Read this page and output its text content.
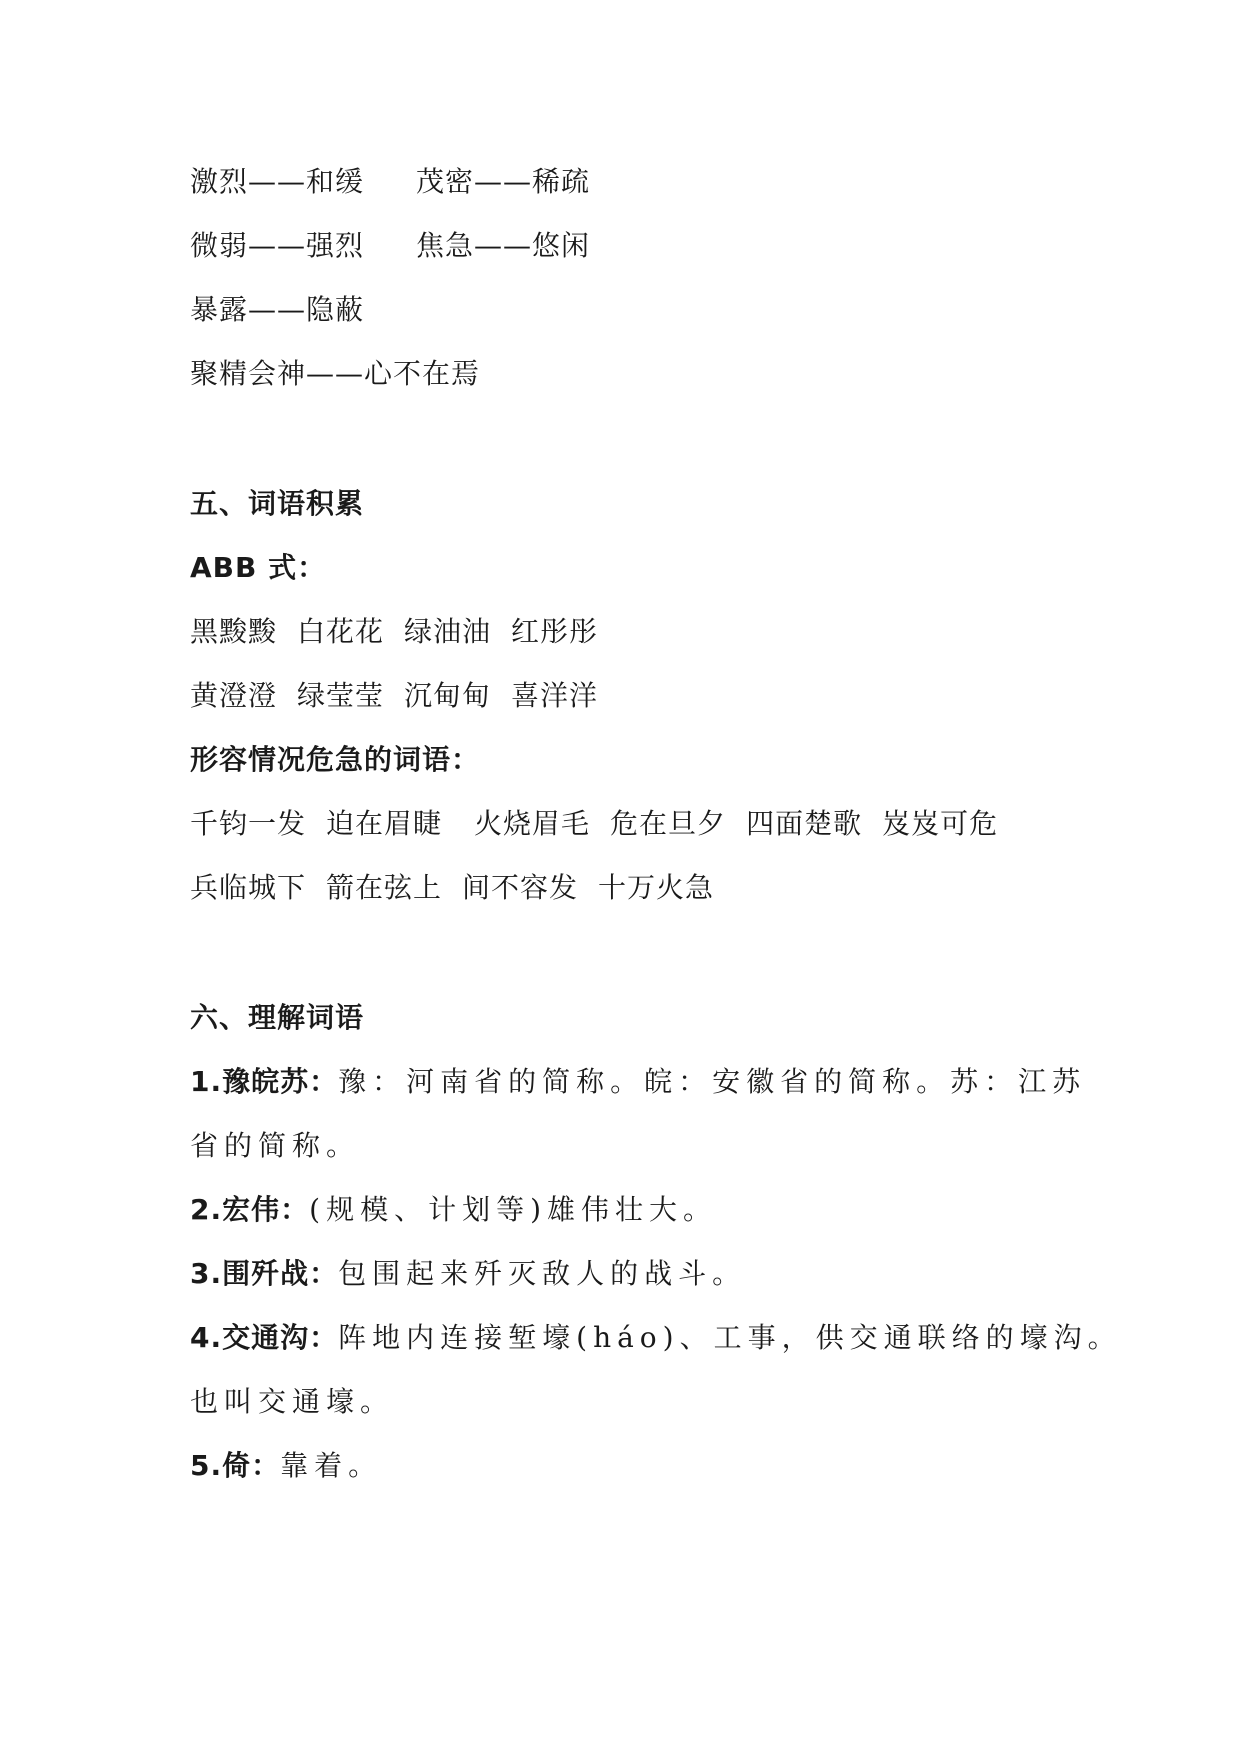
激烈——和缓 茂密——稀疏
微弱——强烈 焦急——悠闲
暴露——隐蔽
聚精会神——心不在焉
五、词语积累
ABB 式：
黑黢黢 白花花 绿油油 红彤彤
黄澄澄 绿莹莹 沉甸甸 喜洋洋
形容情况危急的词语：
千钧一发 迫在眉睫 火烧眉毛 危在旦夕 四面楚歌 岌岌可危
兵临城下 箭在弦上 间不容发 十万火急
六、理解词语
1.豫皖苏：豫：河南省的简称。皖：安徽省的简称。苏：江苏
省的简称。
2.宏伟：(规模、计划等)雄伟壮大。
3.围歼战：包围起来歼灭敌人的战斗。
4.交通沟：阵地内连接堑壕(háo)、工事，供交通联络的壕沟。
也叫交通壕。
5.倚：靠着。
